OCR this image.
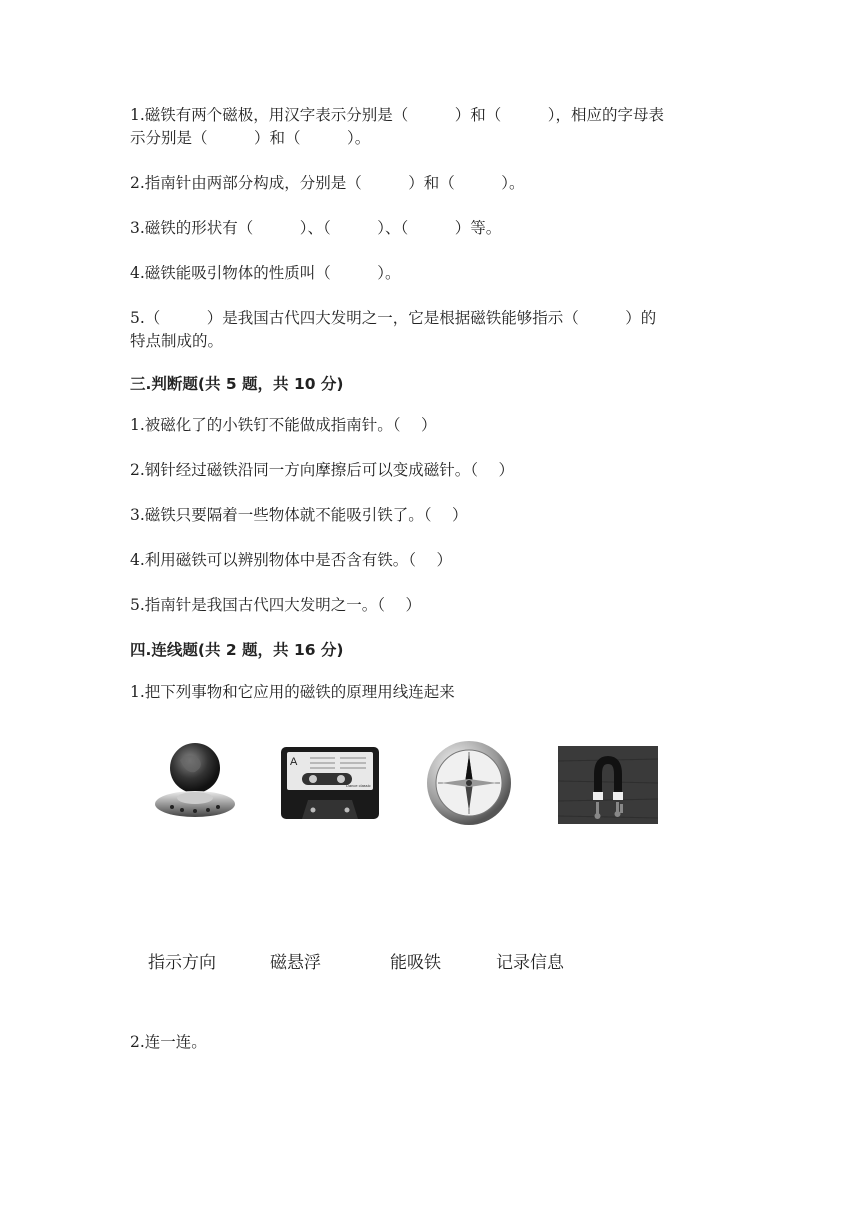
1.磁铁有两个磁极，用汉字表示分别是（　　　）和（　　　），相应的字母表
示分别是（　　　）和（　　　）。
2.指南针由两部分构成，分别是（　　　）和（　　　）。
3.磁铁的形状有（　　　）、（　　　）、（　　　）等。
4.磁铁能吸引物体的性质叫（　　　）。
5.（　　　）是我国古代四大发明之一，它是根据磁铁能够指示（　　　）的
特点制成的。
三.判断题(共 5 题，共 10 分)
1.被磁化了的小铁钉不能做成指南针。（　 ）
2.钢针经过磁铁沿同一方向摩擦后可以变成磁针。（　 ）
3.磁铁只要隔着一些物体就不能吸引铁了。（　 ）
4.利用磁铁可以辨别物体中是否含有铁。（　 ）
5.指南针是我国古代四大发明之一。（　 ）
四.连线题(共 2 题，共 16 分)
1.把下列事物和它应用的磁铁的原理用线连起来
A
Dance classic
指示方向	磁悬浮	能吸铁	记录信息
2.连一连。
